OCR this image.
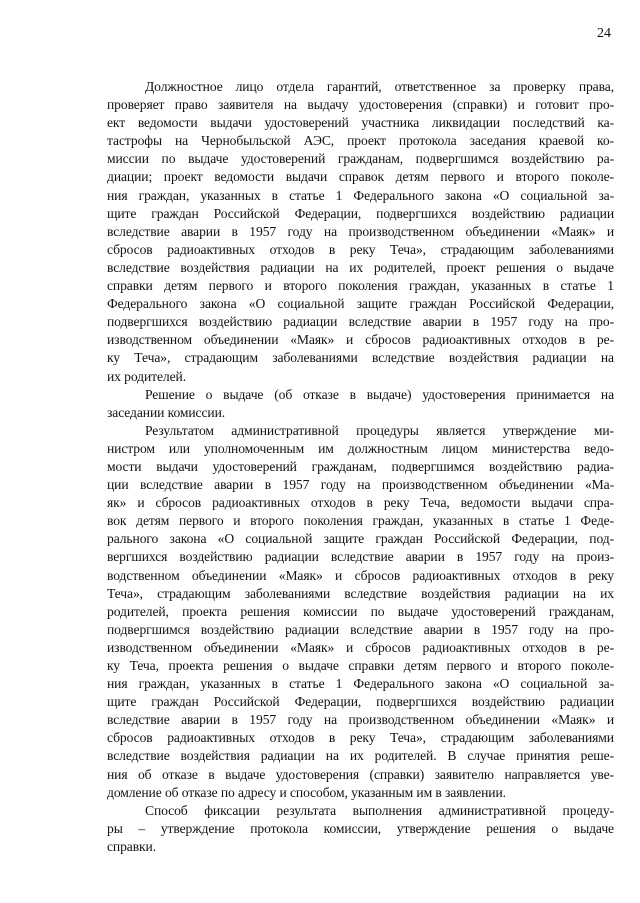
24
Должностное лицо отдела гарантий, ответственное за проверку права,
проверяет право заявителя на выдачу удостоверения (справки) и готовит про-
ект ведомости выдачи удостоверений участника ликвидации последствий ка-
тастрофы на Чернобыльской АЭС, проект протокола заседания краевой ко-
миссии по выдаче удостоверений гражданам, подвергшимся воздействию ра-
диации; проект ведомости выдачи справок детям первого и второго поколе-
ния граждан, указанных в статье 1 Федерального закона «О социальной за-
щите граждан Российской Федерации, подвергшихся воздействию радиации
вследствие аварии в 1957 году на производственном объединении «Маяк» и
сбросов радиоактивных отходов в реку Теча», страдающим заболеваниями
вследствие воздействия радиации на их родителей, проект решения о выдаче
справки детям первого и второго поколения граждан, указанных в статье 1
Федерального закона «О социальной защите граждан Российской Федерации,
подвергшихся воздействию радиации вследствие аварии в 1957 году на про-
изводственном объединении «Маяк» и сбросов радиоактивных отходов в ре-
ку Теча», страдающим заболеваниями вследствие воздействия радиации на
их родителей.
Решение о выдаче (об отказе в выдаче) удостоверения принимается на
заседании комиссии.
Результатом административной процедуры является утверждение ми-
нистром или уполномоченным им должностным лицом министерства ведо-
мости выдачи удостоверений гражданам, подвергшимся воздействию радиа-
ции вследствие аварии в 1957 году на производственном объединении «Ма-
як» и сбросов радиоактивных отходов в реку Теча, ведомости выдачи спра-
вок детям первого и второго поколения граждан, указанных в статье 1 Феде-
рального закона «О социальной защите граждан Российской Федерации, под-
вергшихся воздействию радиации вследствие аварии в 1957 году на произ-
водственном объединении «Маяк» и сбросов радиоактивных отходов в реку
Теча», страдающим заболеваниями вследствие воздействия радиации на их
родителей, проекта решения комиссии по выдаче удостоверений гражданам,
подвергшимся воздействию радиации вследствие аварии в 1957 году на про-
изводственном объединении «Маяк» и сбросов радиоактивных отходов в ре-
ку Теча, проекта решения о выдаче справки детям первого и второго поколе-
ния граждан, указанных в статье 1 Федерального закона «О социальной за-
щите граждан Российской Федерации, подвергшихся воздействию радиации
вследствие аварии в 1957 году на производственном объединении «Маяк» и
сбросов радиоактивных отходов в реку Теча», страдающим заболеваниями
вследствие воздействия радиации на их родителей. В случае принятия реше-
ния об отказе в выдаче удостоверения (справки) заявителю направляется уве-
домление об отказе по адресу и способом, указанным им в заявлении.
Способ фиксации результата выполнения административной процеду-
ры – утверждение протокола комиссии, утверждение решения о выдаче
справки.
